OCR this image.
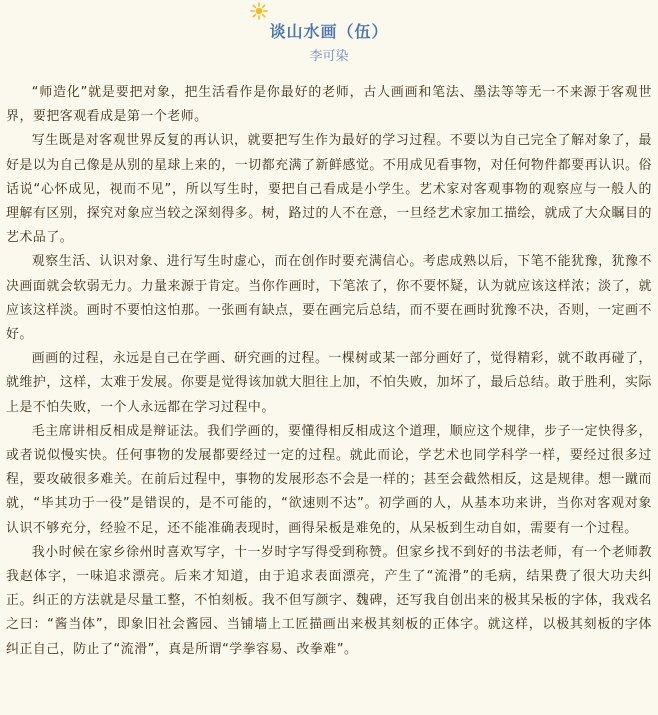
谈山水画（伍）
李可染

“师造化”就是要把对象，把生活看作是你最好的老师，古人画画和笔法、墨法等等无一不来源于客观世界，要把客观看成是第一个老师。

写生既是对客观世界反复的再认识，就要把写生作为最好的学习过程。不要以为自己完全了解对象了，最好是以为自己像是从别的星球上来的，一切都充满了新鲜感觉。不用成见看事物，对任何物件都要再认识。俗话说“心怀成见，视而不见”，所以写生时，要把自己看成是小学生。艺术家对客观事物的观察应与一般人的理解有区别，探究对象应当较之深刻得多。树，路过的人不在意，一旦经艺术家加工描绘，就成了大众瞩目的艺术品了。

观察生活、认识对象、进行写生时虚心，而在创作时要充满信心。考虑成熟以后，下笔不能犹豫，犹豫不决画面就会软弱无力。力量来源于肯定。当你作画时，下笔浓了，你不要怀疑，认为就应该这样浓；淡了，就应该这样淡。画时不要怕这怕那。一张画有缺点，要在画完后总结，而不要在画时犹豫不决，否则，一定画不好。

画画的过程，永远是自己在学画、研究画的过程。一棵树或某一部分画好了，觉得精彩，就不敢再碰了，就维护，这样，太难于发展。你要是觉得该加就大胆往上加，不怕失败，加坏了，最后总结。敢于胜利，实际上是不怕失败，一个人永远都在学习过程中。

毛主席讲相反相成是辩证法。我们学画的，要懂得相反相成这个道理，顺应这个规律，步子一定快得多，或者说似慢实快。任何事物的发展都要经过一定的过程。就此而论，学艺术也同学科学一样，要经过很多过程，要攻破很多难关。在前后过程中，事物的发展形态不会是一样的；甚至会截然相反，这是规律。想一蹴而就，“毕其功于一役”是错误的，是不可能的，“欲速则不达”。初学画的人，从基本功来讲，当你对客观对象认识不够充分，经验不足，还不能准确表现时，画得呆板是难免的，从呆板到生动自如，需要有一个过程。

我小时候在家乡徐州时喜欢写字，十一岁时字写得受到称赞。但家乡找不到好的书法老师，有一个老师教我赵体字，一味追求漂亮。后来才知道，由于追求表面漂亮，产生了“流滑”的毛病，结果费了很大功夫纠正。纠正的方法就是尽量工整，不怕刻板。我不但写颜字、魏碑，还写我自创出来的极其呆板的字体，我戏名之曰：“酱当体”，即象旧社会酱园、当铺墙上工匠描画出来极其刻板的正体字。就这样，以极其刻板的字体纠正自己，防止了“流滑”，真是所谓“学拳容易、改拳难”。
